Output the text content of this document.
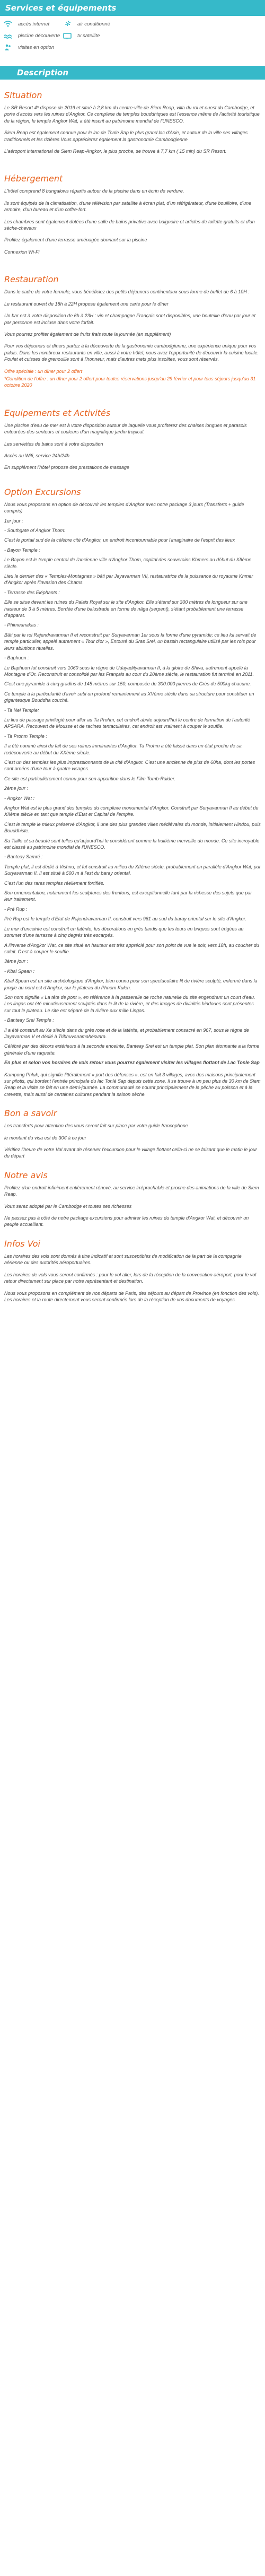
Services et équipements
accès internet ✻	air conditionné
piscine découverte	tv satellite
visites en option
Description
Situation

Le SR Resort 4* dispose de 2019 et situé à 2,8 km du centre-ville de Siem Reap, villa du roi et ouest du Cambodge, et porte d'accès vers les ruines d'Angkor. Ce complexe de temples bouddhiques est l'essence même de l'activité touristique de la région, le temple Angkor Wat, a été inscrit au patrimoine mondial de l'UNESCO.

Siem Reap est également connue pour le lac de Tonle Sap le plus grand lac d'Asie, et autour de la ville ses villages traditionnels et les rizières Vous apprécierez également la gastronomie Cambodgienne

L'aéroport international de Siem Reap-Angkor, le plus proche, se trouve à 7,7 km ( 15 min) du SR Resort.

Hébergement

L'hôtel comprend 8 bungalows répartis autour de la piscine dans un écrin de verdure.

Ils sont équipés de la climatisation, d'une télévision par satellite à écran plat, d'un réfrigérateur, d'une bouilloire, d'une armoire, d'un bureau et d'un coffre-fort.

Les chambres sont également dotées d'une salle de bains privative avec baignoire et articles de toilette gratuits et d'un sèche-cheveux

Profitez également d'une terrasse aménagée donnant sur la piscine

Connexion Wi-Fi

Restauration

Dans le cadre de votre formule, vous bénéficiez des petits déjeuners continentaux sous forme de buffet de 6 à 10H :

Le restaurant ouvert de 18h à 22H propose également une carte pour le dîner

Un bar est à votre disposition de 6h à 23H : vin et champagne Français sont disponibles, une bouteille d'eau par jour et par personne est incluse dans votre forfait.

Vous pourrez profiter également de fruits frais toute la journée (en supplément)

Pour vos déjeuners et dîners partez à la découverte de la gastronomie cambodgienne, une expérience unique pour vos palais. Dans les nombreux restaurants en ville, aussi à votre hôtel, nous avez l'opportunité de découvrir la cuisine locale. Poulet et cuisses de grenouille sont à l'honneur, mais d'autres mets plus insolites, vous sont réservés.

Offre spéciale : un dîner pour 2 offert

*Condition de l'offre : un dîner pour 2 offert pour toutes réservations jusqu'au 29 février et pour tous séjours jusqu'au 31 octobre 2020

Equipements et Activités

Une piscine d'eau de mer est à votre disposition autour de laquelle vous profiterez des chaises longues et parasols entourées des senteurs et couleurs d'un magnifique jardin tropical.

Les serviettes de bains sont à votre disposition

Accès au Wifi, service 24h/24h

En supplément l'hôtel propose des prestations de massage

Option Excursions

Nous vous proposons en option de découvrir les temples d'Angkor avec notre package 3 jours (Transferts + guide compris)

1er jour :

- Southgate of Angkor Thom:

C'est le portail sud de la célèbre cité d'Angkor, un endroit incontournable pour l'imaginaire de l'esprit des lieux

- Bayon Temple :

Le Bayon est le temple central de l'ancienne ville d'Angkor Thom, capital des souverains Khmers au début du XIIème siècle.

Lieu le dernier des « Temples-Montagnes » bâti par Jayavarman VII, restauratrice de la puissance du royaume Khmer d'Angkor après l'invasion des Chams.

- Terrasse des Eléphants :

Elle se situe devant les ruines du Palais Royal sur le site d'Angkor. Elle s'étend sur 300 mètres de longueur sur une hauteur de 3 à 5 mètres. Bordée d'une balustrade en forme de nâga (serpent), s'étant probablement une terrasse d'apparat.

- Phimeanakas :

Bâti par le roi Rajendravarman II et reconstruit par Suryavarman 1er sous la forme d'une pyramide; ce lieu lui servait de temple particulier, appelé autrement « Tour d'or », Entouré du Sras Srei, un bassin rectangulaire utilisé par les rois pour leurs ablutions rituelles.

- Baphuon :

Le Baphuon fut construit vers 1060 sous le règne de Udayadityavarman II, à la gloire de Shiva, autrement appelé la Montagne d'Or. Reconstruit et consolidé par les Français au cour du 20ème siècle, le restauration fut terminé en 2011.

C'est une pyramide à cinq gradins de 145 mètres sur 150, composée de 300.000 pierres de Grès de 500kg chacune.

Ce temple à la particularité d'avoir subi un profond remaniement au XVème siècle dans sa structure pour constituer un gigantesque Bouddha couché.

- Ta Nei Temple:

Le lieu de passage privilégié pour aller au Ta Prohm, cet endroit abrite aujourd'hui le centre de formation de l'autorité APSARA. Recouvert de Mousse et de racines tentaculaires, cet endroit est vraiment à couper le souffle.

- Ta Prohm Temple :

Il a été nommé ainsi du fait de ses ruines imminantes d'Angkor. Ta Prohm a été laissé dans un état proche de sa redécouverte au début du XXème siècle.

C'est un des temples les plus impressionnants de la cité d'Angkor. C'est une ancienne de plus de 60ha, dont les portes sont ornées d'une tour à quatre visages.

Ce site est particulièrement connu pour son apparition dans le Film Tomb-Raider.

2ème jour :

- Angkor Wat :

Angkor Wat est le plus grand des temples du complexe monumental d'Angkor. Construit par Suryavarman II au début du XIIème siècle en tant que temple d'Etat et Capital de l'empire.

C'est le temple le mieux préservé d'Angkor, il une des plus grandes villes médiévales du monde, initialement Hindou, puis Bouddhiste.

Sa Taille et sa beauté sont telles qu'aujourd'hui le considèrent comme la huitième merveille du monde. Ce site incroyable est classé au patrimoine mondial de l'UNESCO.

- Banteay Samré :

Temple plat, il est dédié à Vishnu, et fut construit au milieu du XIIème siècle, probablement en parallèle d'Angkor Wat, par Suryavarman II. Il est situé à 500 m à l'est du baray oriental.

C'est l'un des rares temples réellement fortifiés.

Son ornementation, notamment les sculptures des frontons, est exceptionnelle tant par la richesse des sujets que par leur traitement.

- Pré Rup :

Pré Rup est le temple d'Etat de Rajendravarman II, construit vers 961 au sud du baray oriental sur le site d'Angkor.

Le mur d'enceinte est construit en latérite, les décorations en grès tandis que les tours en briques sont érigées au sommet d'une terrasse à cinq degrés très escarpés.

A l'inverse d'Angkor Wat, ce site situé en hauteur est très apprécié pour son point de vue le soir, vers 18h, au coucher du soleil. C'est à couper le souffle.

3ème jour :

- Kbal Spean :

Kbal Spean est un site archéologique d'Angkor, bien connu pour son spectaculaire lit de rivière sculpté, enfermé dans la jungle au nord est d'Angkor, sur le plateau du Phnom Kulen.

Son nom signifie « La tête de pont », en référence à la passerelle de roche naturelle du site engendrant un court d'eau. Les lingas ont été minutieusement sculptés dans le lit de la rivière, et des images de divinités hindoues sont présentes sur tout le plateau. Le site est séparé de la rivière aux mille Lingas.

- Banteay Srei Temple :

Il a été construit au Xe siècle dans du grès rose et de la latérite, et probablement consacré en 967, sous le règne de Jayavarman V et dédié à Tribhuvanamahésvara.

Célébré par des décors extérieurs à la seconde enceinte, Banteay Srei est un temple plat. Son plan étonnante a la forme générale d'une raquette.

En plus et selon vos horaires de vols retour vous pourrez également visiter les villages flottant de Lac Tonle Sap

Kampong Phluk, qui signifie littéralement « port des défenses », est en fait 3 villages, avec des maisons principalement sur pilotis, qui bordent l'entrée principale du lac Tonlé Sap depuis cette zone. Il se trouve à un peu plus de 30 km de Siem Reap et la visite se fait en une demi-journée. La communauté se nourrit principalement de la pêche au poisson et à la crevette, mais aussi de certaines cultures pendant la saison sèche.

Bon a savoir

Les transferts pour attention des vous seront fait sur place par votre guide francophone

le montant du visa est de 30€ à ce jour

Vérifiez l'heure de votre Vol avant de réserver l'excursion pour le village flottant cella-ci ne se faisant que le matin le jour du départ

Notre avis

Profitez d'un endroit infiniment entièrement rénové, au service irréprochable et proche des animations de la ville de Siem Reap.

Vous serez adopté par le Cambodge et toutes ses richesses

Ne passez pas à côté de notre package excursions pour admirer les ruines du temple d'Angkor Wat, et découvrir un peuple accueillant.

Infos Voi

Les horaires des vols sont donnés à titre indicatif et sont susceptibles de modification de la part de la compagnie aérienne ou des autorités aéroportuaires.

Les horaires de vols vous seront confirmés : pour le vol aller, lors de la réception de la convocation aéroport, pour le vol retour directement sur place par notre représentant et destination.

Nous vous proposons en complément de nos départs de Paris, des séjours au départ de Province (en fonction des vols). Les horaires et la route directement vous seront confirmés lors de la réception de vos documents de voyages.
